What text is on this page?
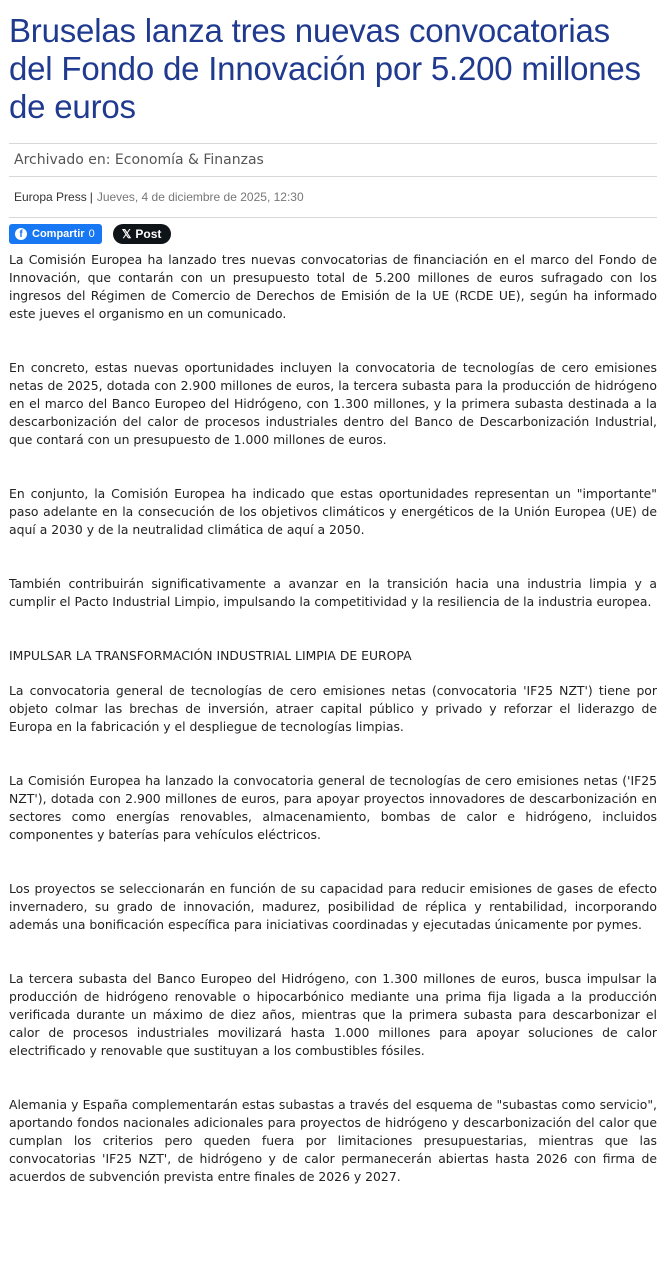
Bruselas lanza tres nuevas convocatorias del Fondo de Innovación por 5.200 millones de euros
Archivado en: Economía & Finanzas
Europa Press | Jueves, 4 de diciembre de 2025, 12:30
f Compartir 0 𝕏 Post

La Comisión Europea ha lanzado tres nuevas convocatorias de financiación en el marco del Fondo de Innovación, que contarán con un presupuesto total de 5.200 millones de euros sufragado con los ingresos del Régimen de Comercio de Derechos de Emisión de la UE (RCDE UE), según ha informado este jueves el organismo en un comunicado.

En concreto, estas nuevas oportunidades incluyen la convocatoria de tecnologías de cero emisiones netas de 2025, dotada con 2.900 millones de euros, la tercera subasta para la producción de hidrógeno en el marco del Banco Europeo del Hidrógeno, con 1.300 millones, y la primera subasta destinada a la descarbonización del calor de procesos industriales dentro del Banco de Descarbonización Industrial, que contará con un presupuesto de 1.000 millones de euros.

En conjunto, la Comisión Europea ha indicado que estas oportunidades representan un "importante" paso adelante en la consecución de los objetivos climáticos y energéticos de la Unión Europea (UE) de aquí a 2030 y de la neutralidad climática de aquí a 2050.

También contribuirán significativamente a avanzar en la transición hacia una industria limpia y a cumplir el Pacto Industrial Limpio, impulsando la competitividad y la resiliencia de la industria europea.

IMPULSAR LA TRANSFORMACIÓN INDUSTRIAL LIMPIA DE EUROPA

La convocatoria general de tecnologías de cero emisiones netas (convocatoria 'IF25 NZT') tiene por objeto colmar las brechas de inversión, atraer capital público y privado y reforzar el liderazgo de Europa en la fabricación y el despliegue de tecnologías limpias.

La Comisión Europea ha lanzado la convocatoria general de tecnologías de cero emisiones netas ('IF25 NZT'), dotada con 2.900 millones de euros, para apoyar proyectos innovadores de descarbonización en sectores como energías renovables, almacenamiento, bombas de calor e hidrógeno, incluidos componentes y baterías para vehículos eléctricos.

Los proyectos se seleccionarán en función de su capacidad para reducir emisiones de gases de efecto invernadero, su grado de innovación, madurez, posibilidad de réplica y rentabilidad, incorporando además una bonificación específica para iniciativas coordinadas y ejecutadas únicamente por pymes.

La tercera subasta del Banco Europeo del Hidrógeno, con 1.300 millones de euros, busca impulsar la producción de hidrógeno renovable o hipocarbónico mediante una prima fija ligada a la producción verificada durante un máximo de diez años, mientras que la primera subasta para descarbonizar el calor de procesos industriales movilizará hasta 1.000 millones para apoyar soluciones de calor electrificado y renovable que sustituyan a los combustibles fósiles.

Alemania y España complementarán estas subastas a través del esquema de "subastas como servicio", aportando fondos nacionales adicionales para proyectos de hidrógeno y descarbonización del calor que cumplan los criterios pero queden fuera por limitaciones presupuestarias, mientras que las convocatorias 'IF25 NZT', de hidrógeno y de calor permanecerán abiertas hasta 2026 con firma de acuerdos de subvención prevista entre finales de 2026 y 2027.
